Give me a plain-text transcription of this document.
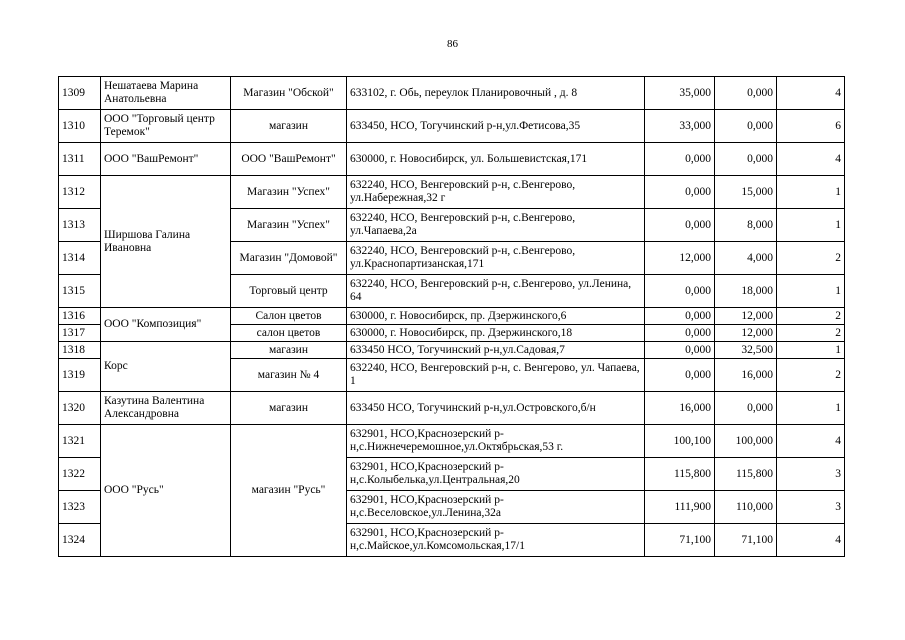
86
1309	Нешатаева Марина Анатольевна	Магазин "Обской"	633102, г. Обь, переулок Планировочный , д. 8	35,000	0,000	4
1310	ООО "Торговый центр Теремок"	магазин	633450, НСО, Тогучинский р-н,ул.Фетисова,35	33,000	0,000	6
1311	ООО "ВашРемонт"	ООО "ВашРемонт"	630000, г. Новосибирск, ул. Большевистская,171	0,000	0,000	4
1312	Ширшова Галина Ивановна	Магазин "Успех"	632240, НСО, Венгеровский р-н, с.Венгерово, ул.Набережная,32 г	0,000	15,000	1
1313		Магазин "Успех"	632240, НСО, Венгеровский р-н, с.Венгерово, ул.Чапаева,2а	0,000	8,000	1
1314		Магазин "Домовой"	632240, НСО, Венгеровский р-н, с.Венгерово, ул.Краснопартизанская,171	12,000	4,000	2
1315		Торговый центр	632240, НСО, Венгеровский р-н, с.Венгерово, ул.Ленина, 64	0,000	18,000	1
1316	ООО "Композиция"	Салон цветов	630000, г. Новосибирск, пр. Дзержинского,6	0,000	12,000	2
1317		салон цветов	630000, г. Новосибирск, пр. Дзержинского,18	0,000	12,000	2
1318	Корс	магазин	633450 НСО, Тогучинский р-н,ул.Садовая,7	0,000	32,500	1
1319		магазин № 4	632240, НСО, Венгеровский р-н, с. Венгерово, ул. Чапаева, 1	0,000	16,000	2
1320	Казутина Валентина Александровна	магазин	633450 НСО, Тогучинский р-н,ул.Островского,б/н	16,000	0,000	1
1321	ООО "Русь"	магазин "Русь"	632901, НСО,Краснозерский р-н,с.Нижнечеремошное,ул.Октябрьская,53 г.	100,100	100,000	4
1322			632901, НСО,Краснозерский р-н,с.Колыбелька,ул.Центральная,20	115,800	115,800	3
1323			632901, НСО,Краснозерский р-н,с.Веселовское,ул.Ленина,32а	111,900	110,000	3
1324			632901, НСО,Краснозерский р-н,с.Майское,ул.Комсомольская,17/1	71,100	71,100	4
